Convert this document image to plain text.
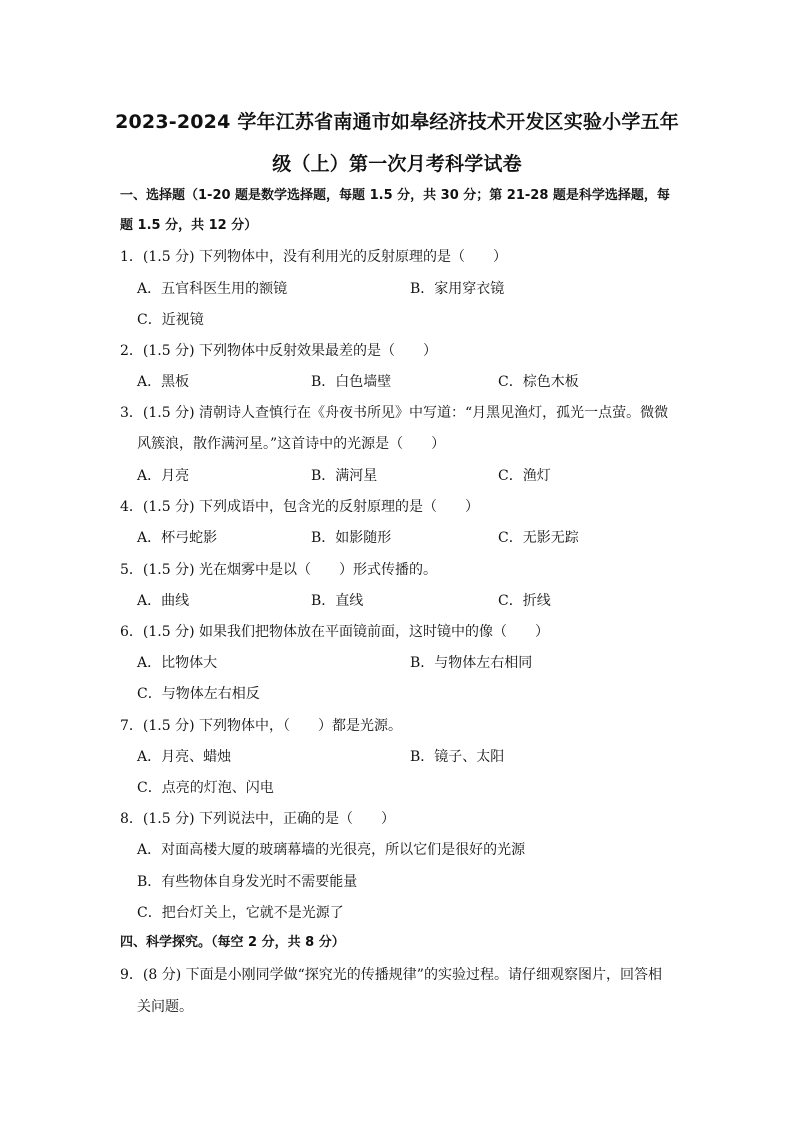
2023-2024 学年江苏省南通市如皋经济技术开发区实验小学五年
级（上）第一次月考科学试卷
一、选择题（1-20 题是数学选择题，每题 1.5 分，共 30 分；第 21-28 题是科学选择题，每
题 1.5 分，共 12 分）
1．(1.5 分) 下列物体中，没有利用光的反射原理的是（　　）
A．五官科医生用的额镜	B．家用穿衣镜
C．近视镜
2．(1.5 分) 下列物体中反射效果最差的是（　　）
A．黑板	B．白色墙壁	C．棕色木板
3．(1.5 分) 清朝诗人查慎行在《舟夜书所见》中写道：“月黑见渔灯，孤光一点萤。微微
风簇浪，散作满河星。”这首诗中的光源是（　　）
A．月亮	B．满河星	C．渔灯
4．(1.5 分) 下列成语中，包含光的反射原理的是（　　）
A．杯弓蛇影	B．如影随形	C．无影无踪
5．(1.5 分) 光在烟雾中是以（　　）形式传播的。
A．曲线	B．直线	C．折线
6．(1.5 分) 如果我们把物体放在平面镜前面，这时镜中的像（　　）
A．比物体大	B．与物体左右相同
C．与物体左右相反
7．(1.5 分) 下列物体中，（　　）都是光源。
A．月亮、蜡烛	B．镜子、太阳
C．点亮的灯泡、闪电
8．(1.5 分) 下列说法中，正确的是（　　）
A．对面高楼大厦的玻璃幕墙的光很亮，所以它们是很好的光源
B．有些物体自身发光时不需要能量
C．把台灯关上，它就不是光源了
四、科学探究。（每空 2 分，共 8 分）
9．(8 分) 下面是小刚同学做“探究光的传播规律”的实验过程。请仔细观察图片，回答相
关问题。
